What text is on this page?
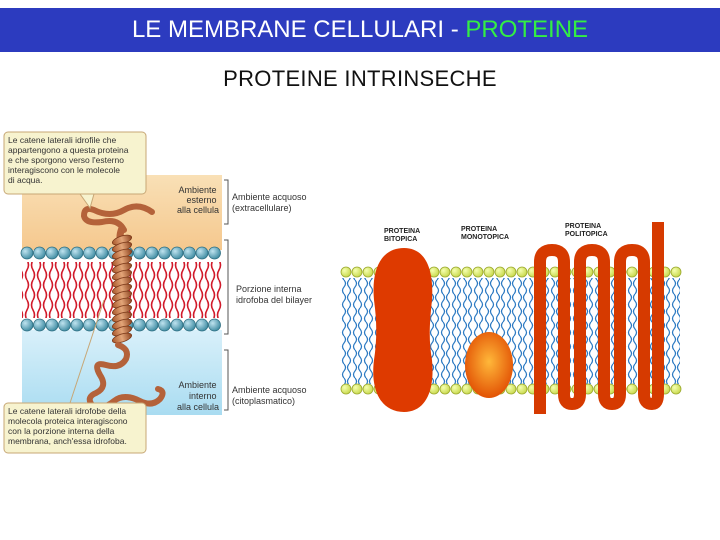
LE MEMBRANE CELLULARI - PROTEINE
PROTEINE INTRINSECHE
Le catene laterali idrofile che appartengono a questa proteina e che sporgono verso l'esterno interagiscono con le molecole di acqua.
Le catene laterali idrofobe della molecola proteica interagiscono con la porzione interna della membrana, anch'essa idrofoba.
Ambiente esterno alla cellula
Ambiente interno alla cellula
Ambiente acquoso (extracellulare)
Porzione interna idrofoba del bilayer
Ambiente acquoso (citoplasmatico)
PROTEINA BITOPICA
PROTEINA MONOTOPICA
PROTEINA POLITOPICA
